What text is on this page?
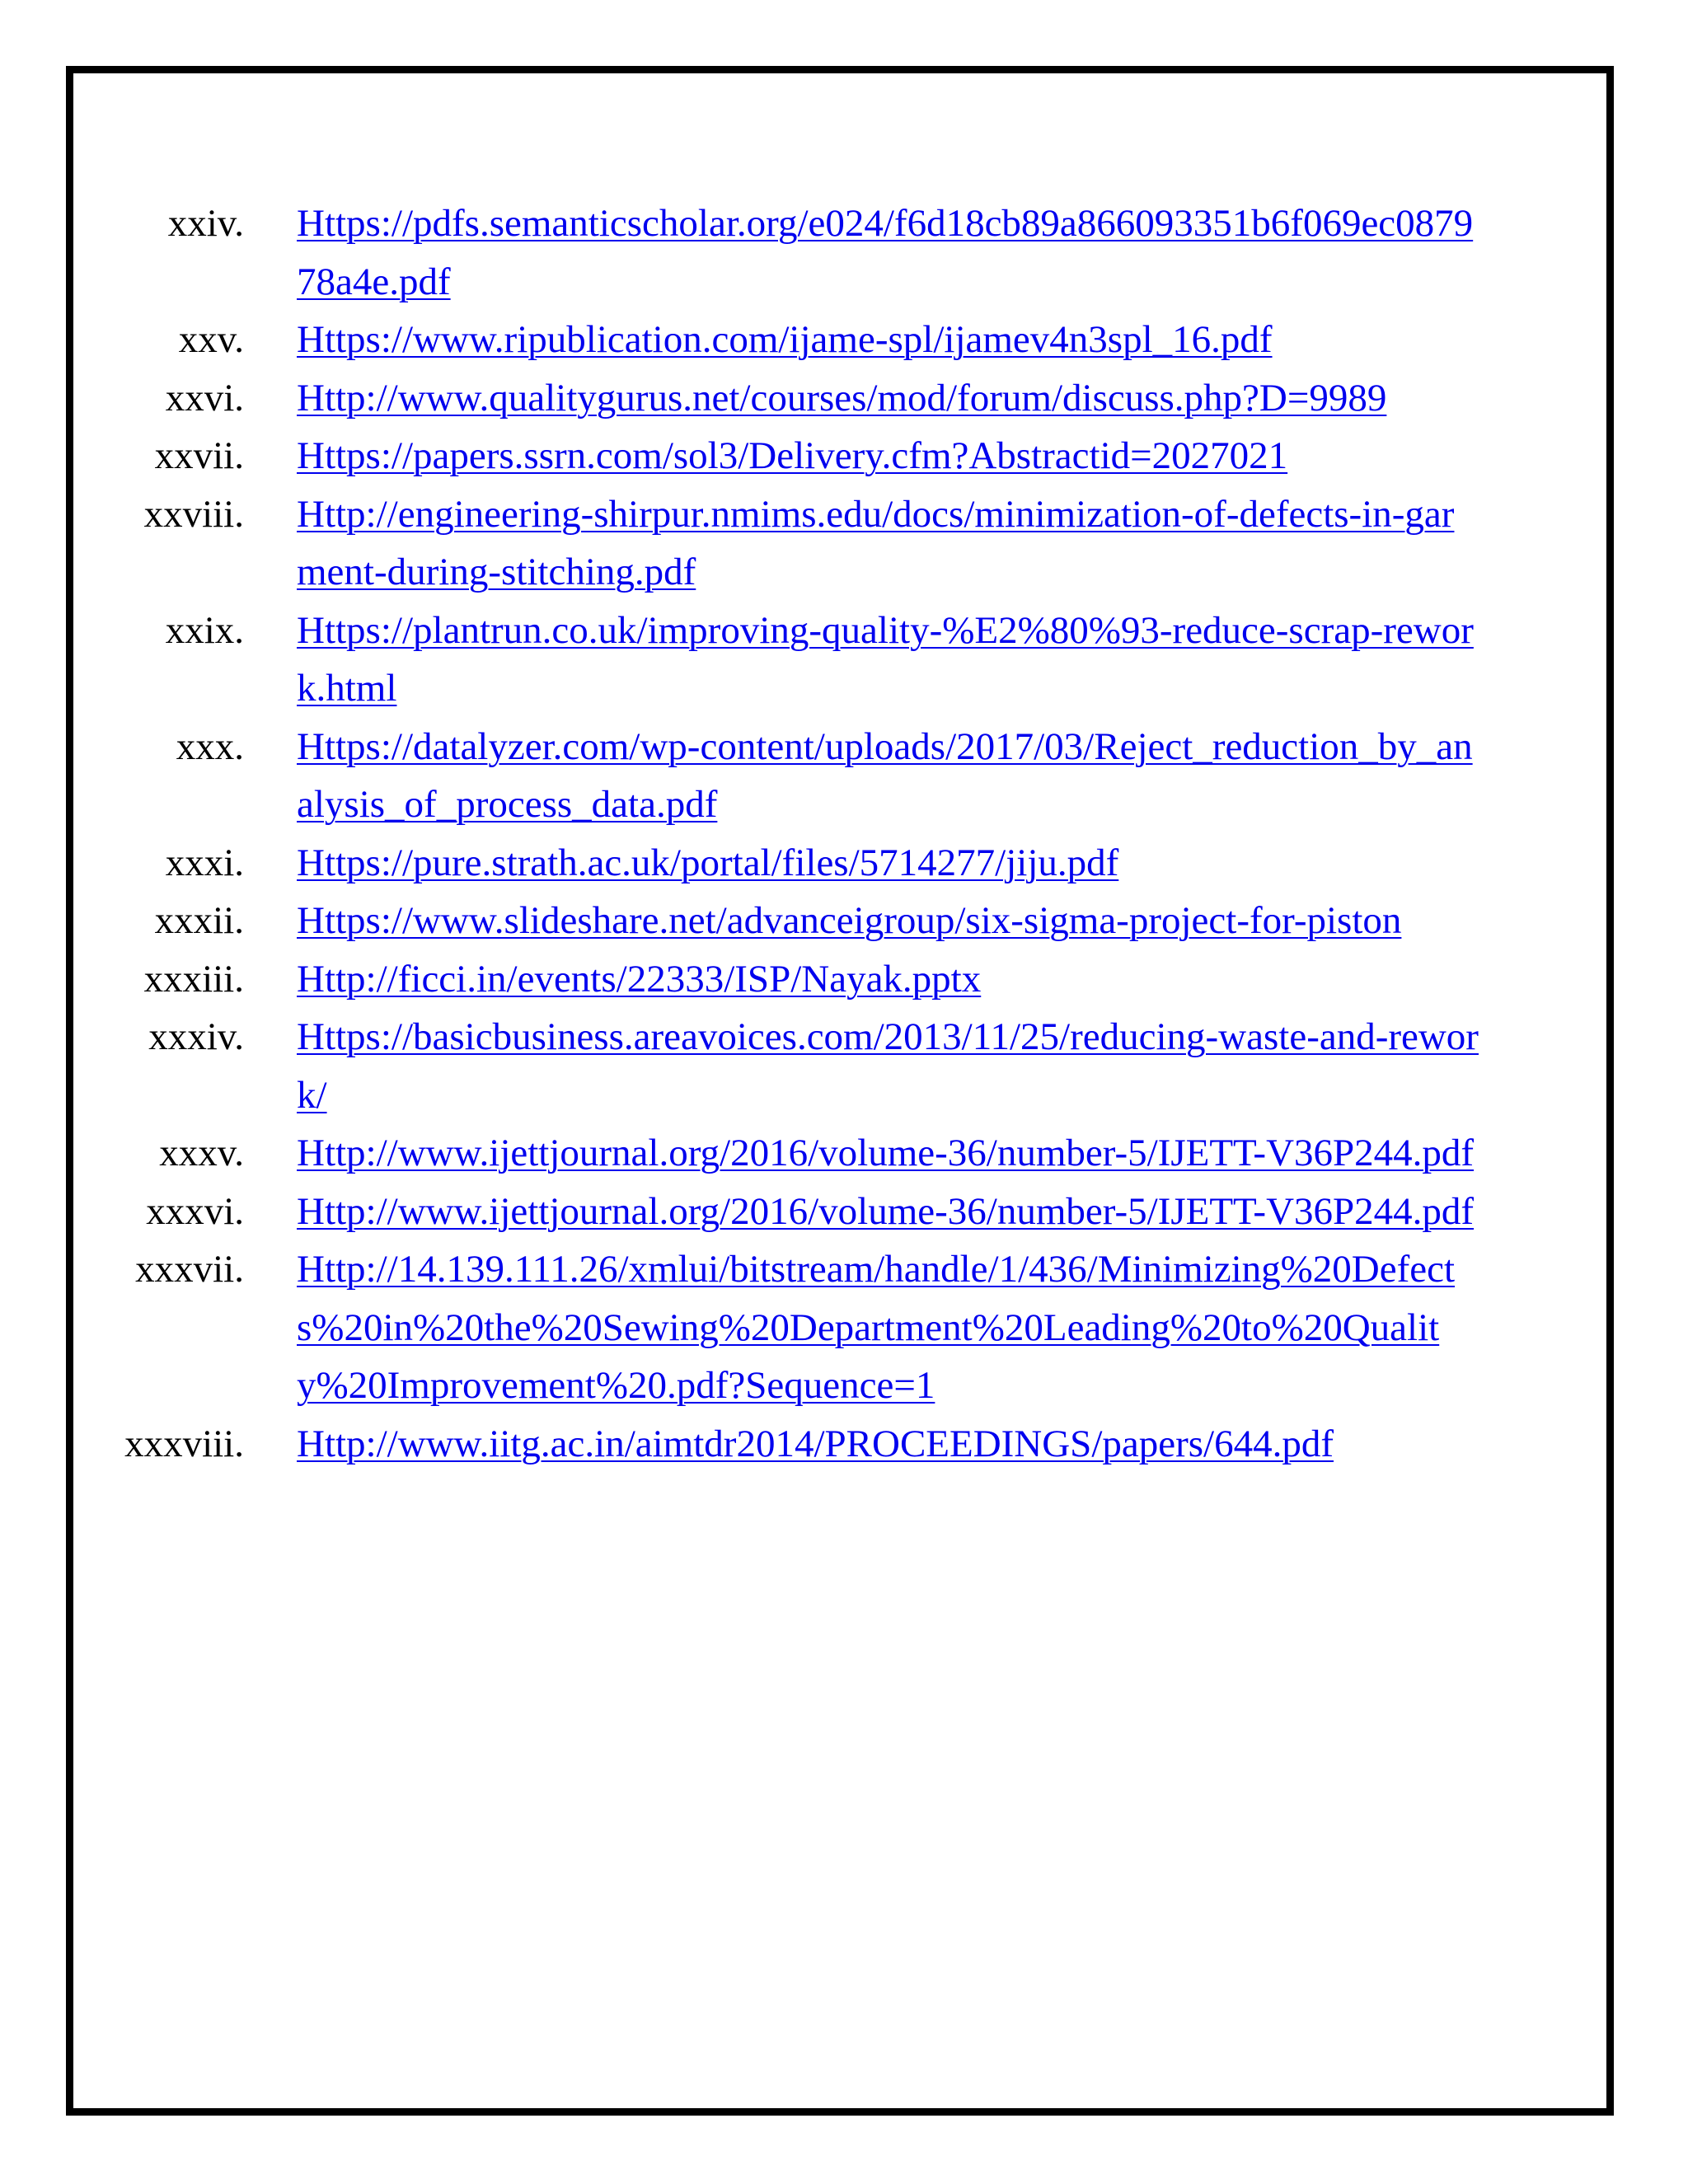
xxiv. Https://pdfs.semanticscholar.org/e024/f6d18cb89a866093351b6f069ec087978a4e.pdf
xxv. Https://www.ripublication.com/ijame-spl/ijamev4n3spl_16.pdf
xxvi. Http://www.qualitygurus.net/courses/mod/forum/discuss.php?D=9989
xxvii. Https://papers.ssrn.com/sol3/Delivery.cfm?Abstractid=2027021
xxviii. Http://engineering-shirpur.nmims.edu/docs/minimization-of-defects-in-garment-during-stitching.pdf
xxix. Https://plantrun.co.uk/improving-quality-%E2%80%93-reduce-scrap-rework.html
xxx. Https://datalyzer.com/wp-content/uploads/2017/03/Reject_reduction_by_analysis_of_process_data.pdf
xxxi. Https://pure.strath.ac.uk/portal/files/5714277/jiju.pdf
xxxii. Https://www.slideshare.net/advanceigroup/six-sigma-project-for-piston
xxxiii. Http://ficci.in/events/22333/ISP/Nayak.pptx
xxxiv. Https://basicbusiness.areavoices.com/2013/11/25/reducing-waste-and-rework/
xxxv. Http://www.ijettjournal.org/2016/volume-36/number-5/IJETT-V36P244.pdf
xxxvi. Http://www.ijettjournal.org/2016/volume-36/number-5/IJETT-V36P244.pdf
xxxvii. Http://14.139.111.26/xmlui/bitstream/handle/1/436/Minimizing%20Defects%20in%20the%20Sewing%20Department%20Leading%20to%20Quality%20Improvement%20.pdf?Sequence=1
xxxviii. Http://www.iitg.ac.in/aimtdr2014/PROCEEDINGS/papers/644.pdf
